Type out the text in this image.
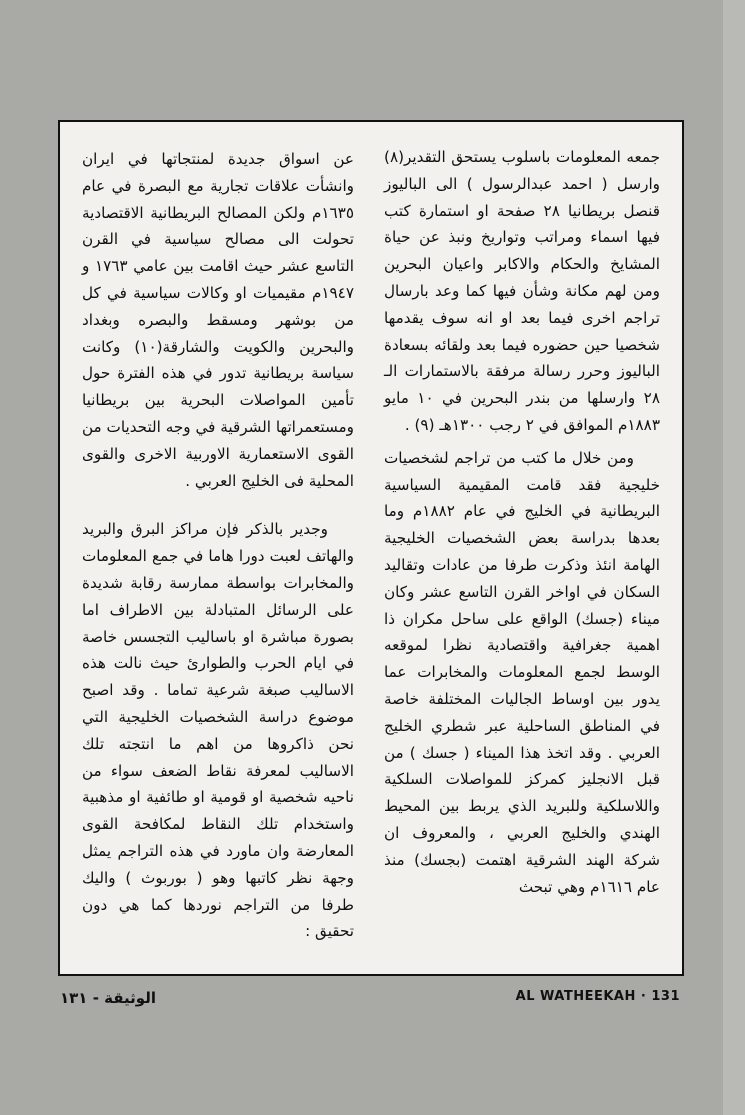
جمعه المعلومات باسلوب يستحق التقدير(٨) وارسل ( احمد عبدالرسول ) الى الباليوز قنصل بريطانيا ٢٨ صفحة او استمارة كتب فيها اسماء ومراتب وتواريخ ونبذ عن حياة المشايخ والحكام والاكابر واعيان البحرين ومن لهم مكانة وشأن فيها كما وعد بارسال تراجم اخرى فيما بعد او انه سوف يقدمها شخصيا حين حضوره فيما بعد ولقائه بسعادة الباليوز وحرر رسالة مرفقة بالاستمارات الـ ٢٨ وارسلها من بندر البحرين في ١٠ مايو ١٨٨٣م الموافق في ٢ رجب ١٣٠٠هـ (٩) .

ومن خلال ما كتب من تراجم لشخصيات خليجية فقد قامت المقيمية السياسية البريطانية في الخليج في عام ١٨٨٢م وما بعدها بدراسة بعض الشخصيات الخليجية الهامة انئذ وذكرت طرفا من عادات وتقاليد السكان في اواخر القرن التاسع عشر وكان ميناء (جسك) الواقع على ساحل مكران ذا اهمية جغرافية واقتصادية نظرا لموقعه الوسط لجمع المعلومات والمخابرات عما يدور بين اوساط الجاليات المختلفة خاصة في المناطق الساحلية عبر شطري الخليج العربي . وقد اتخذ هذا الميناء ( جسك ) من قبل الانجليز كمركز للمواصلات السلكية واللاسلكية وللبريد الذي يربط بين المحيط الهندي والخليج العربي ، والمعروف ان شركة الهند الشرقية اهتمت (بجسك) منذ عام ١٦١٦م وهي تبحث

عن اسواق جديدة لمنتجاتها في ايران وانشأت علاقات تجارية مع البصرة في عام ١٦٣٥م ولكن المصالح البريطانية الاقتصادية تحولت الى مصالح سياسية في القرن التاسع عشر حيث اقامت بين عامي ١٧٦٣ و ١٩٤٧م مقيميات او وكالات سياسية في كل من بوشهر ومسقط والبصره وبغداد والبحرين والكويت والشارقة(١٠) وكانت سياسة بريطانية تدور في هذه الفترة حول تأمين المواصلات البحرية بين بريطانيا ومستعمراتها الشرقية في وجه التحديات من القوى الاستعمارية الاوربية الاخرى والقوى المحلية فى الخليج العربي .

وجدير بالذكر فإن مراكز البرق والبريد والهاتف لعبت دورا هاما في جمع المعلومات والمخابرات بواسطة ممارسة رقابة شديدة على الرسائل المتبادلة بين الاطراف اما بصورة مباشرة او باساليب التجسس خاصة في ايام الحرب والطوارئ حيث نالت هذه الاساليب صبغة شرعية تماما . وقد اصبح موضوع دراسة الشخصيات الخليجية التي نحن ذاكروها من اهم ما انتجته تلك الاساليب لمعرفة نقاط الضعف سواء من ناحيه شخصية او قومية او طائفية او مذهبية واستخدام تلك النقاط لمكافحة القوى المعارضة وان ماورد في هذه التراجم يمثل وجهة نظر كاتبها وهو ( بوربوث ) واليك طرفا من التراجم نوردها كما هي دون تحقيق :

الوثيقة - ١٣١	AL WATHEEKAH · 131
